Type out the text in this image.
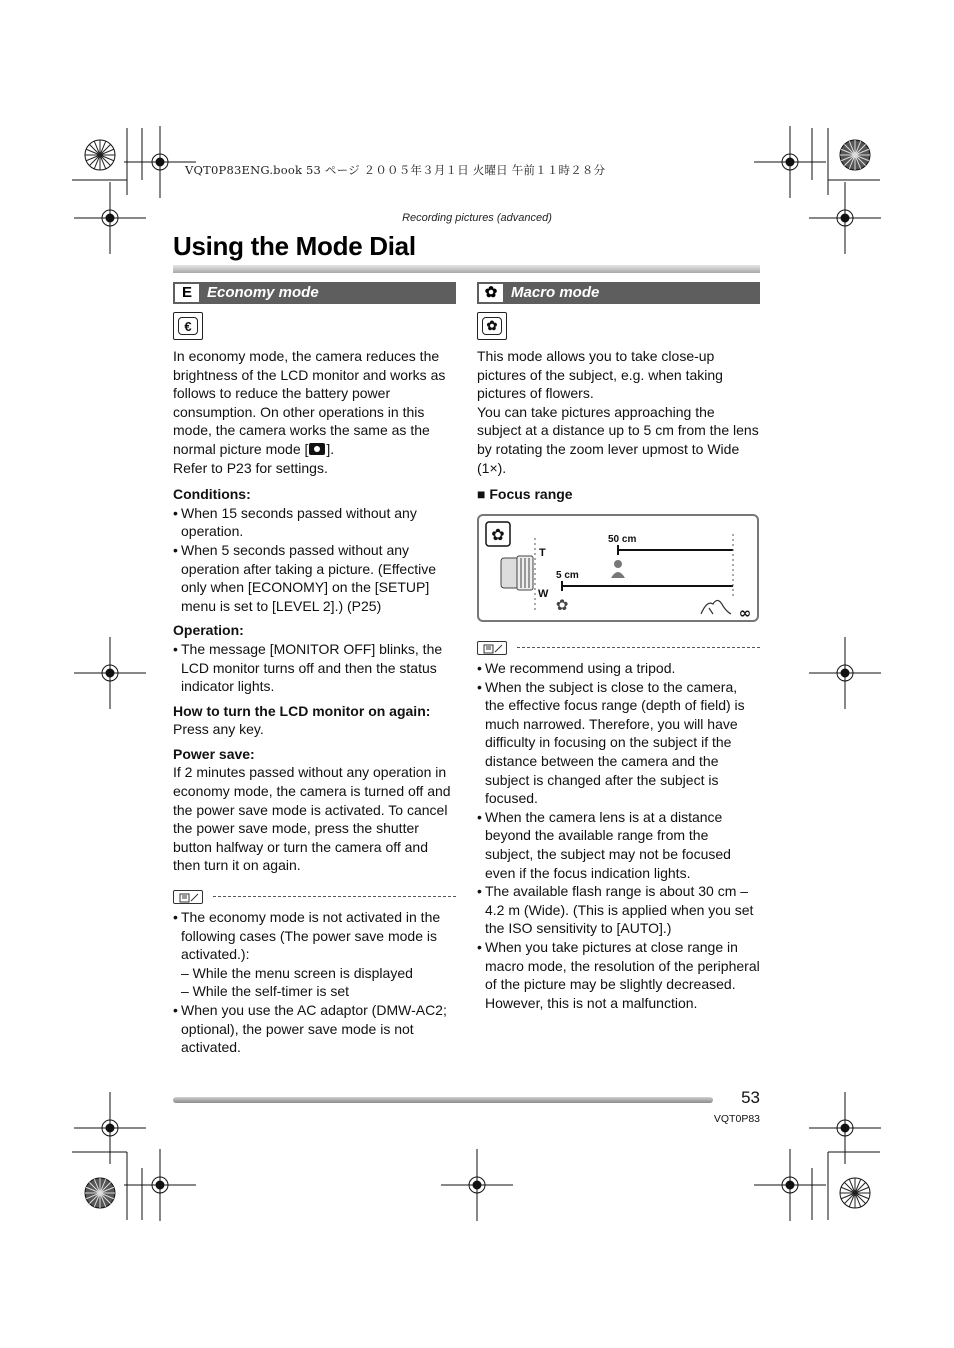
VQT0P83ENG.book 53 ページ ２００５年３月１日 火曜日 午前１１時２８分
Recording pictures (advanced)
Using the Mode Dial
E	Economy mode
€

In economy mode, the camera reduces the brightness of the LCD monitor and works as follows to reduce the battery power consumption. On other operations in this mode, the camera works the same as the normal picture mode [ ].

Refer to P23 for settings.

Conditions:

• When 15 seconds passed without any operation.
• When 5 seconds passed without any operation after taking a picture. (Effective only when [ECONOMY] on the [SETUP] menu is set to [LEVEL 2].) (P25)

Operation:

• The message [MONITOR OFF] blinks, the LCD monitor turns off and then the status indicator lights.

How to turn the LCD monitor on again:

Press any key.

Power save:

If 2 minutes passed without any operation in economy mode, the camera is turned off and the power save mode is activated. To cancel the power save mode, press the shutter button halfway or turn the camera off and then turn it on again.

• The economy mode is not activated in the following cases (The power save mode is activated.):
– While the menu screen is displayed
– While the self-timer is set
• When you use the AC adaptor (DMW-AC2; optional), the power save mode is not activated.
✿ Macro mode
✿

This mode allows you to take close-up pictures of the subject, e.g. when taking pictures of flowers.

You can take pictures approaching the subject at a distance up to 5 cm from the lens by rotating the zoom lever upmost to Wide (1×).

■ Focus range

✿
✿
T
W
50 cm
5 cm
∞
• We recommend using a tripod.
• When the subject is close to the camera, the effective focus range (depth of field) is much narrowed. Therefore, you will have difficulty in focusing on the subject if the distance between the camera and the subject is changed after the subject is focused.
• When the camera lens is at a distance beyond the available range from the subject, the subject may not be focused even if the focus indication lights.
• The available flash range is about 30 cm – 4.2 m (Wide). (This is applied when you set the ISO sensitivity to [AUTO].)
• When you take pictures at close range in macro mode, the resolution of the peripheral of the picture may be slightly decreased. However, this is not a malfunction.
53
VQT0P83
